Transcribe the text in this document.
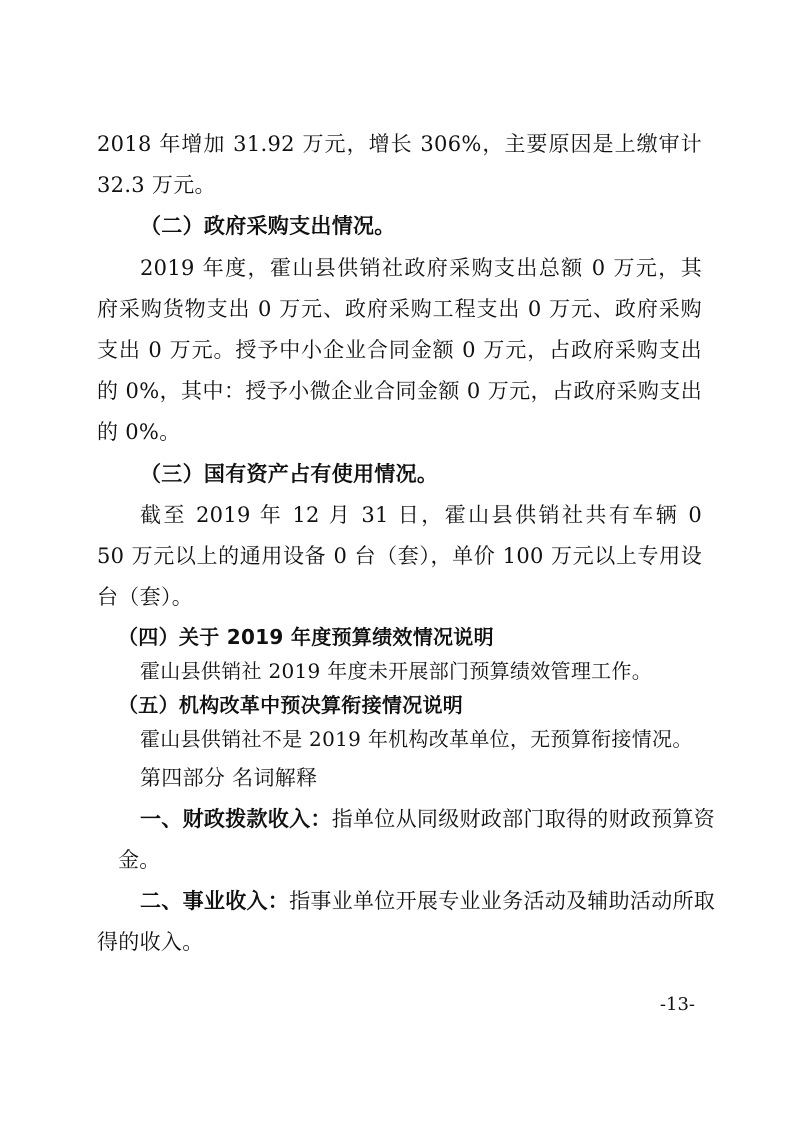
2018 年增加 31.92 万元，增长 306%，主要原因是上缴审计
32.3 万元。
（二）政府采购支出情况。
2019 年度，霍山县供销社政府采购支出总额 0 万元，其
府采购货物支出 0 万元、政府采购工程支出 0 万元、政府采购
支出 0 万元。授予中小企业合同金额 0 万元，占政府采购支出
的 0%，其中：授予小微企业合同金额 0 万元，占政府采购支出
的 0%。
（三）国有资产占有使用情况。
截至 2019 年 12 月 31 日，霍山县供销社共有车辆 0
50 万元以上的通用设备 0 台（套），单价 100 万元以上专用设
台（套）。
（四）关于 2019 年度预算绩效情况说明
霍山县供销社 2019 年度未开展部门预算绩效管理工作。
（五）机构改革中预决算衔接情况说明
霍山县供销社不是 2019 年机构改革单位，无预算衔接情况。
第四部分 名词解释
一、财政拨款收入：指单位从同级财政部门取得的财政预算资
金。
二、事业收入：指事业单位开展专业业务活动及辅助活动所取
得的收入。
-13-
